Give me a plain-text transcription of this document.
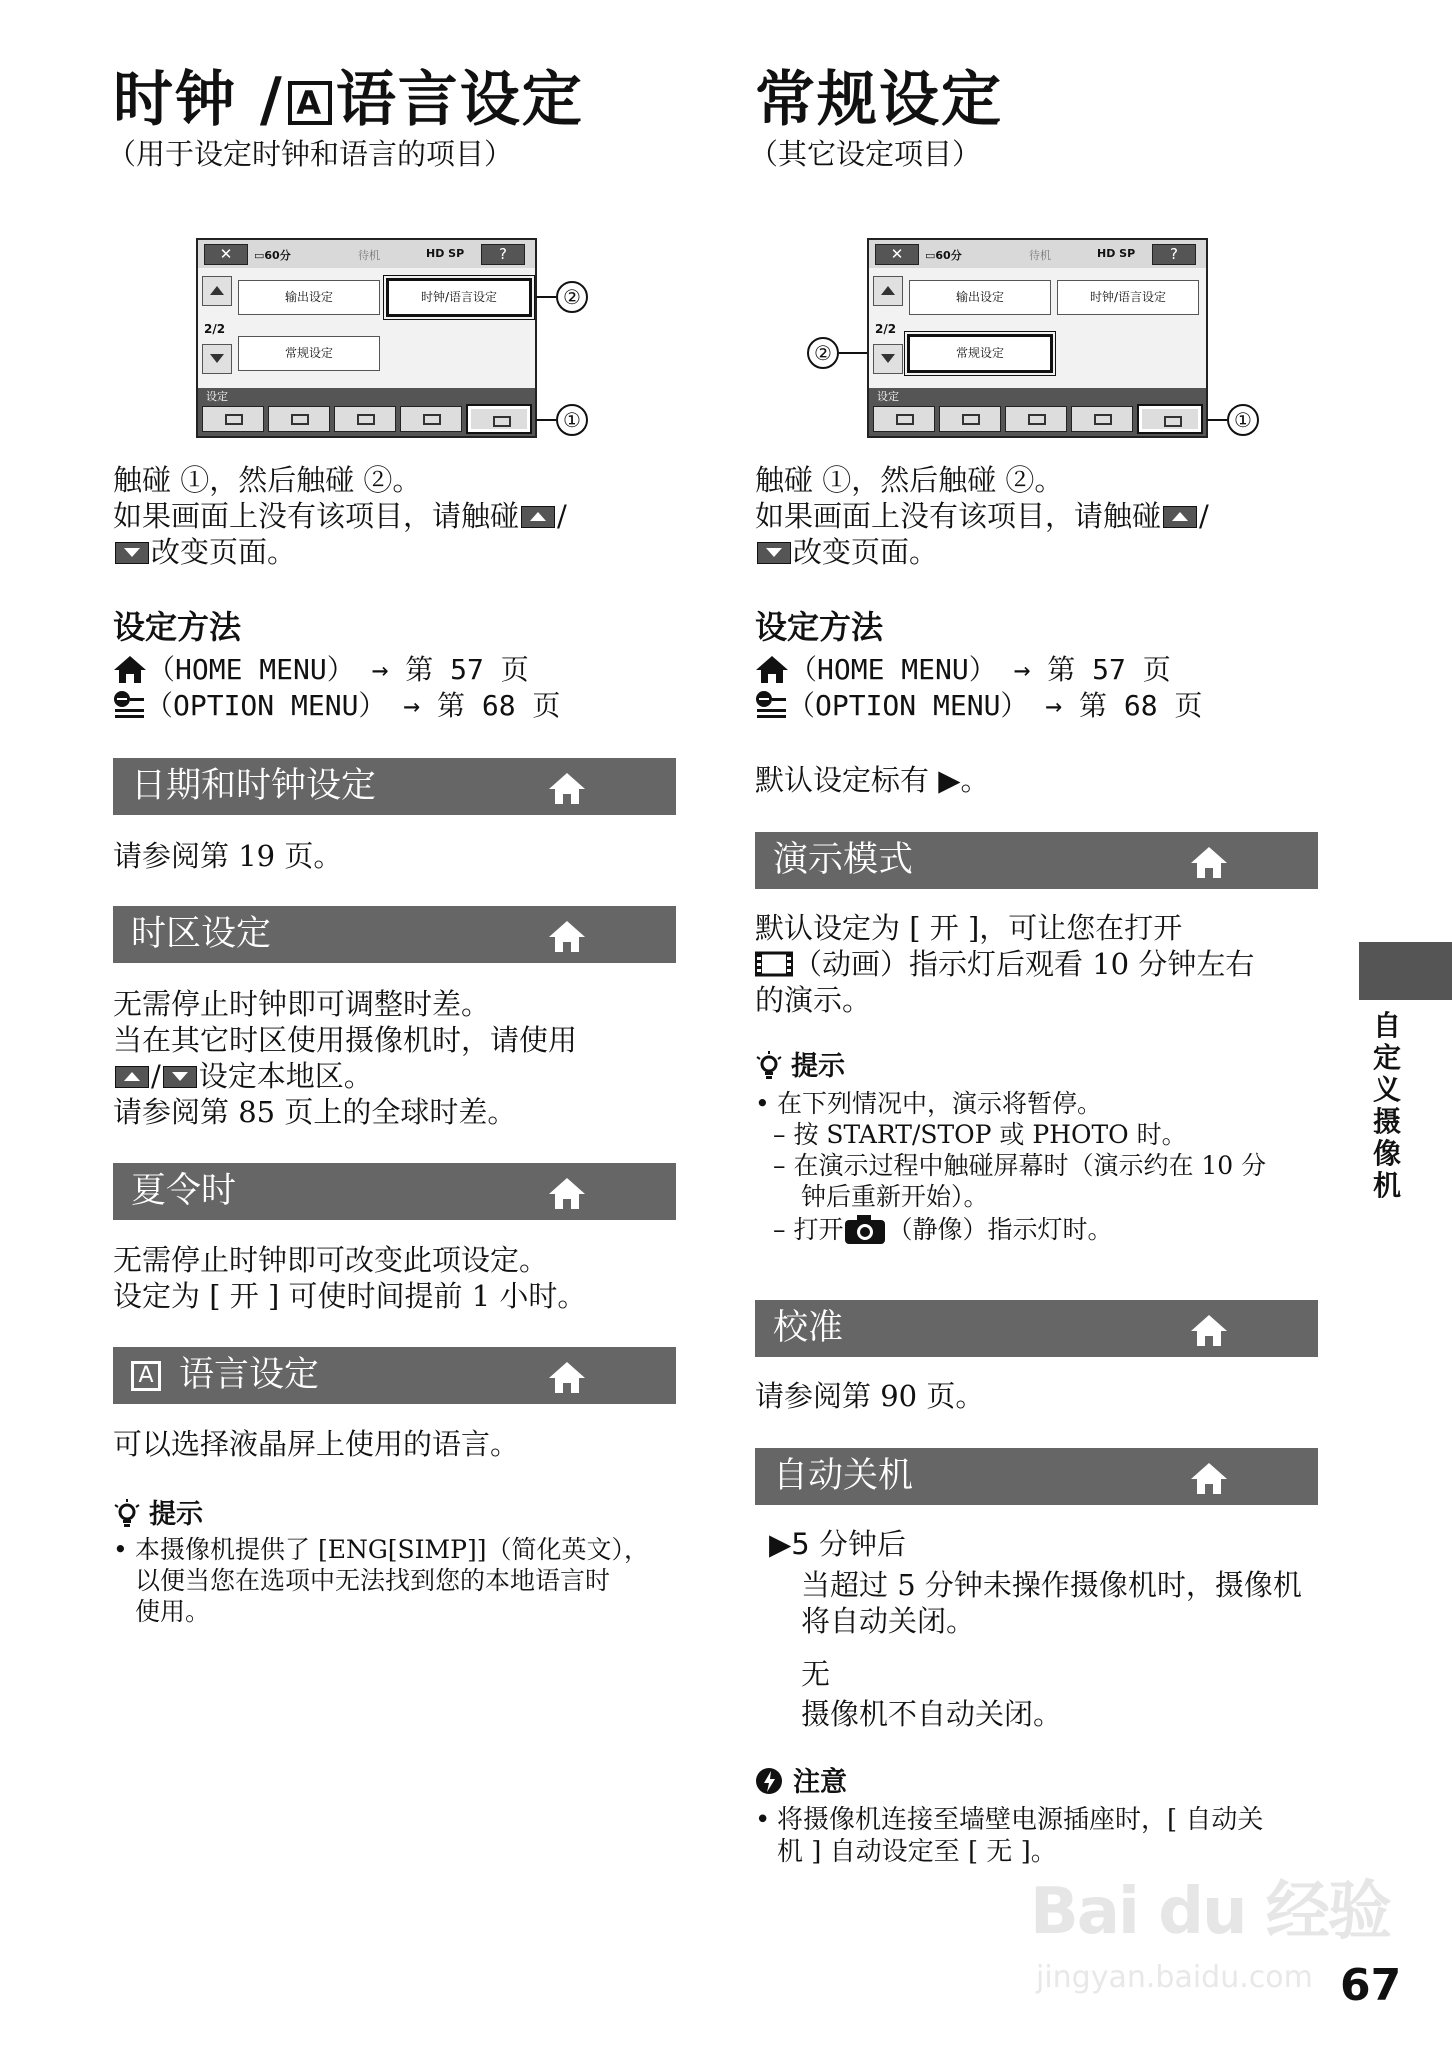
时钟 / A 语言设定
（用于设定时钟和语言的项目）
✕	▭60分	待机	HD SP	?
2/2
输出设定	时钟/语言设定
常规设定
设定
②
①
触碰 ①，然后触碰 ②。
如果画面上没有该项目，请触碰 /
改变页面。
设定方法
（HOME MENU） → 第 57 页
（OPTION MENU） → 第 68 页
日期和时钟设定
请参阅第 19 页。
时区设定
无需停止时钟即可调整时差。
当在其它时区使用摄像机时，请使用
/ 设定本地区。
请参阅第 85 页上的全球时差。
夏令时
无需停止时钟即可改变此项设定。
设定为 [ 开 ] 可使时间提前 1 小时。
A 语言设定
可以选择液晶屏上使用的语言。
提示
• 本摄像机提供了 [ENG[SIMP]]（简化英文），
以便当您在选项中无法找到您的本地语言时
使用。
常规设定
（其它设定项目）
✕	▭60分	待机	HD SP	?
2/2
输出设定	时钟/语言设定
常规设定
设定
②
①
触碰 ①，然后触碰 ②。
如果画面上没有该项目，请触碰 /
改变页面。
设定方法
（HOME MENU） → 第 57 页
（OPTION MENU） → 第 68 页
默认设定标有 ▶。
演示模式
默认设定为 [ 开 ]，可让您在打开
（动画）指示灯后观看 10 分钟左右
的演示。
提示
• 在下列情况中，演示将暂停。
– 按 START/STOP 或 PHOTO 时。
– 在演示过程中触碰屏幕时（演示约在 10 分
钟后重新开始）。
– 打开 （静像）指示灯时。
校准
请参阅第 90 页。
自动关机
▶5 分钟后
当超过 5 分钟未操作摄像机时，摄像机
将自动关闭。
无
摄像机不自动关闭。
注意
• 将摄像机连接至墙壁电源插座时，[ 自动关
机 ] 自动设定至 [ 无 ]。
自定义摄像机
Bai du 经验
jingyan.baidu.com 67
